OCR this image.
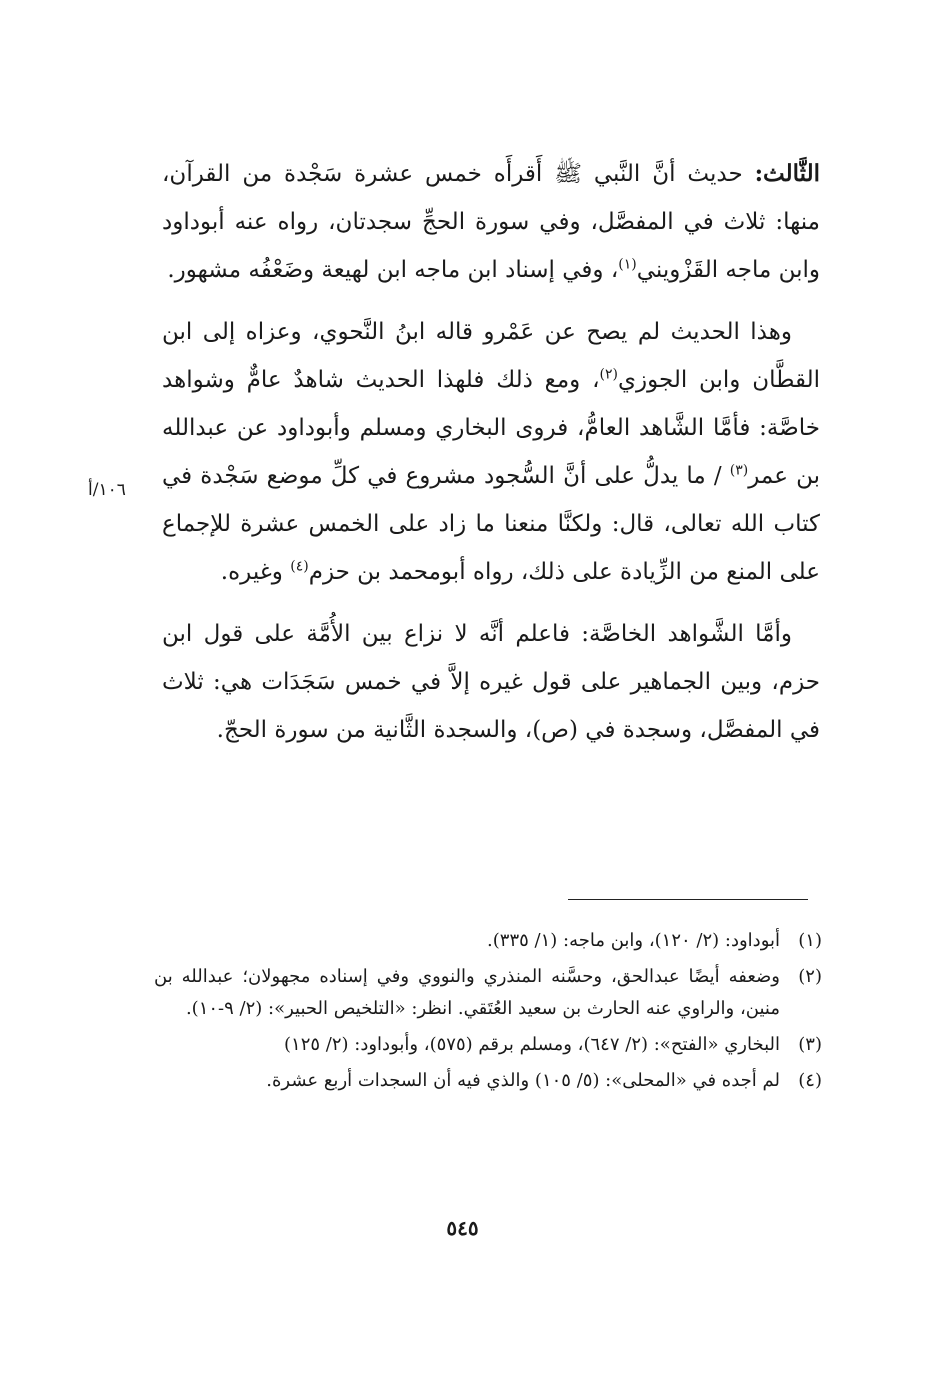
١٠٦/أ

الثَّالث: حديث أنَّ النَّبي ﷺ أَقرأَه خمس عشرة سَجْدة من القرآن، منها: ثلاث في المفصَّل، وفي سورة الحجِّ سجدتان، رواه عنه أبوداود وابن ماجه القَزْويني$^{(١)}$، وفي إسناد ابن ماجه ابن لهيعة وضَعْفُه مشهور.

وهذا الحديث لم يصح عن عَمْرو قاله ابنُ النَّحوي، وعزاه إلى ابن القطَّان وابن الجوزي$^{(٢)}$، ومع ذلك فلهذا الحديث شاهدٌ عامٌّ وشواهد خاصَّة: فأمَّا الشَّاهد العامُّ، فروى البخاري ومسلم وأبوداود عن عبدالله بن عمر$^{(٣)}$ / ما يدلُّ على أنَّ السُّجود مشروع في كلِّ موضع سَجْدة في كتاب الله تعالى، قال: ولكنَّا منعنا ما زاد على الخمس عشرة للإجماع على المنع من الزِّيادة على ذلك، رواه أبومحمد بن حزم$^{(٤)}$ وغيره.

وأمَّا الشَّواهد الخاصَّة: فاعلم أنَّه لا نزاع بين الأُمَّة على قول ابن حزم، وبين الجماهير على قول غيره إلاَّ في خمس سَجَدَات هي: ثلاث في المفصَّل، وسجدة في (ص)، والسجدة الثَّانية من سورة الحجّ.

(١)
أبوداود: (٢/ ١٢٠)، وابن ماجه: (١/ ٣٣٥).
(٢)
وضعفه أيضًا عبدالحق، وحسَّنه المنذري والنووي وفي إسناده مجهولان؛ عبدالله بن منين، والراوي عنه الحارث بن سعيد العُتَقي. انظر: «التلخيص الحبير»: (٢/ ٩-١٠).
(٣)
البخاري «الفتح»: (٢/ ٦٤٧)، ومسلم برقم (٥٧٥)، وأبوداود: (٢/ ١٢٥)
(٤)
لم أجده في «المحلى»: (٥/ ١٠٥) والذي فيه أن السجدات أربع عشرة.
٥٤٥
